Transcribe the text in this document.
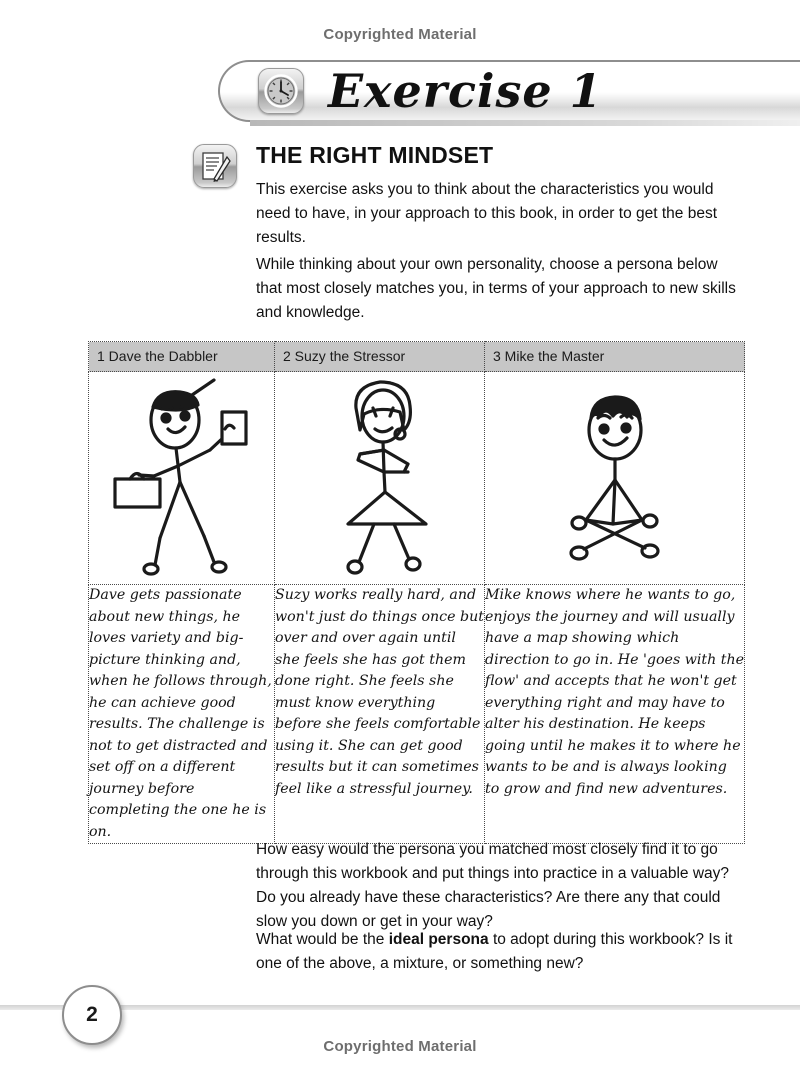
Copyrighted Material
Exercise 1
THE RIGHT MINDSET
This exercise asks you to think about the characteristics you would need to have, in your approach to this book, in order to get the best results.
While thinking about your own personality, choose a persona below that most closely matches you, in terms of your approach to new skills and knowledge.
1 Dave the Dabbler	2 Suzy the Stressor	3 Mike the Master

Dave gets passionate about new things, he loves variety and big-picture thinking and, when he follows through, he can achieve good results. The challenge is not to get distracted and set off on a different journey before completing the one he is on.	Suzy works really hard, and won't just do things once but over and over again until she feels she has got them done right. She feels she must know everything before she feels comfortable using it. She can get good results but it can sometimes feel like a stressful journey.	Mike knows where he wants to go, enjoys the journey and will usually have a map showing which direction to go in. He 'goes with the flow' and accepts that he won't get everything right and may have to alter his destination. He keeps going until he makes it to where he wants to be and is always looking to grow and find new adventures.
How easy would the persona you matched most closely find it to go through this workbook and put things into practice in a valuable way? Do you already have these characteristics? Are there any that could slow you down or get in your way?
What would be the ideal persona to adopt during this workbook? Is it one of the above, a mixture, or something new?
2
Copyrighted Material
